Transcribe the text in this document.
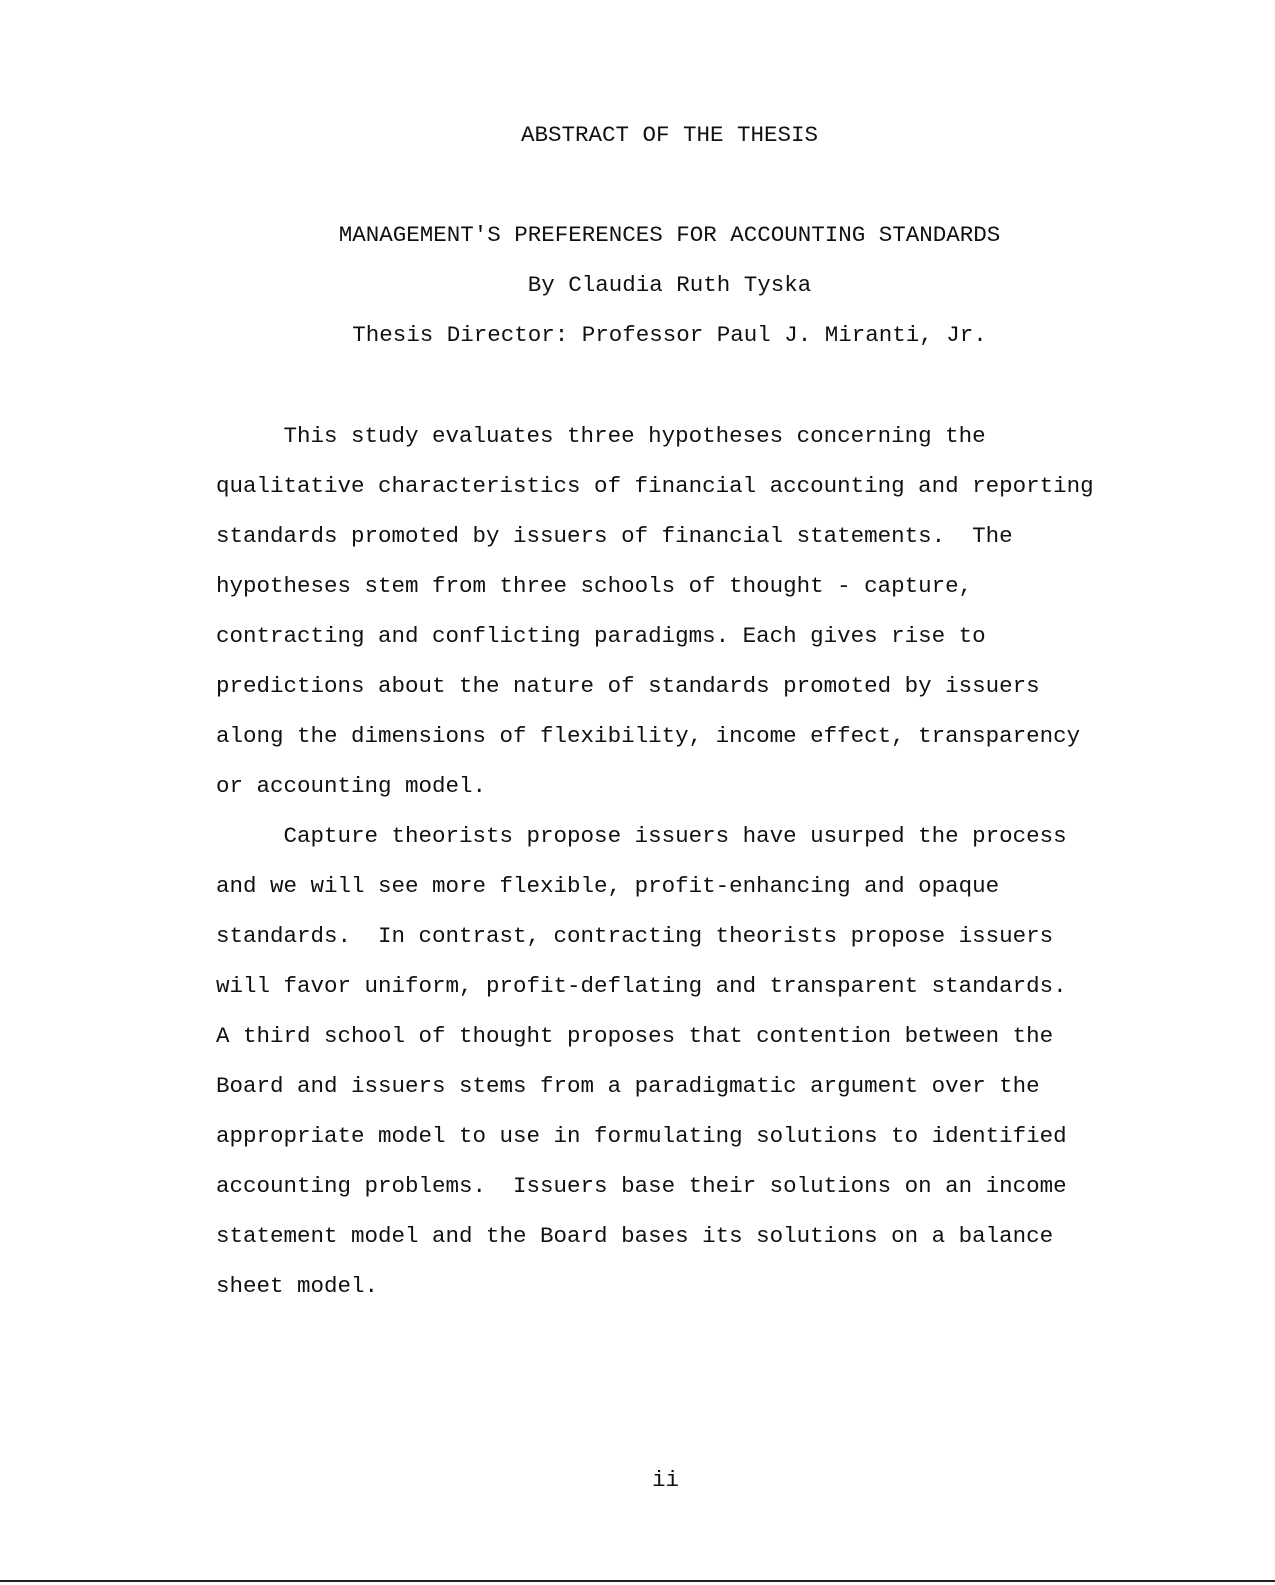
ABSTRACT OF THE THESIS
MANAGEMENT'S PREFERENCES FOR ACCOUNTING STANDARDS
By Claudia Ruth Tyska
Thesis Director: Professor Paul J. Miranti, Jr.
This study evaluates three hypotheses concerning the
qualitative characteristics of financial accounting and reporting
standards promoted by issuers of financial statements.  The
hypotheses stem from three schools of thought - capture,
contracting and conflicting paradigms. Each gives rise to
predictions about the nature of standards promoted by issuers
along the dimensions of flexibility, income effect, transparency
or accounting model.
Capture theorists propose issuers have usurped the process
and we will see more flexible, profit-enhancing and opaque
standards.  In contrast, contracting theorists propose issuers
will favor uniform, profit-deflating and transparent standards.
A third school of thought proposes that contention between the
Board and issuers stems from a paradigmatic argument over the
appropriate model to use in formulating solutions to identified
accounting problems.  Issuers base their solutions on an income
statement model and the Board bases its solutions on a balance
sheet model.
ii
